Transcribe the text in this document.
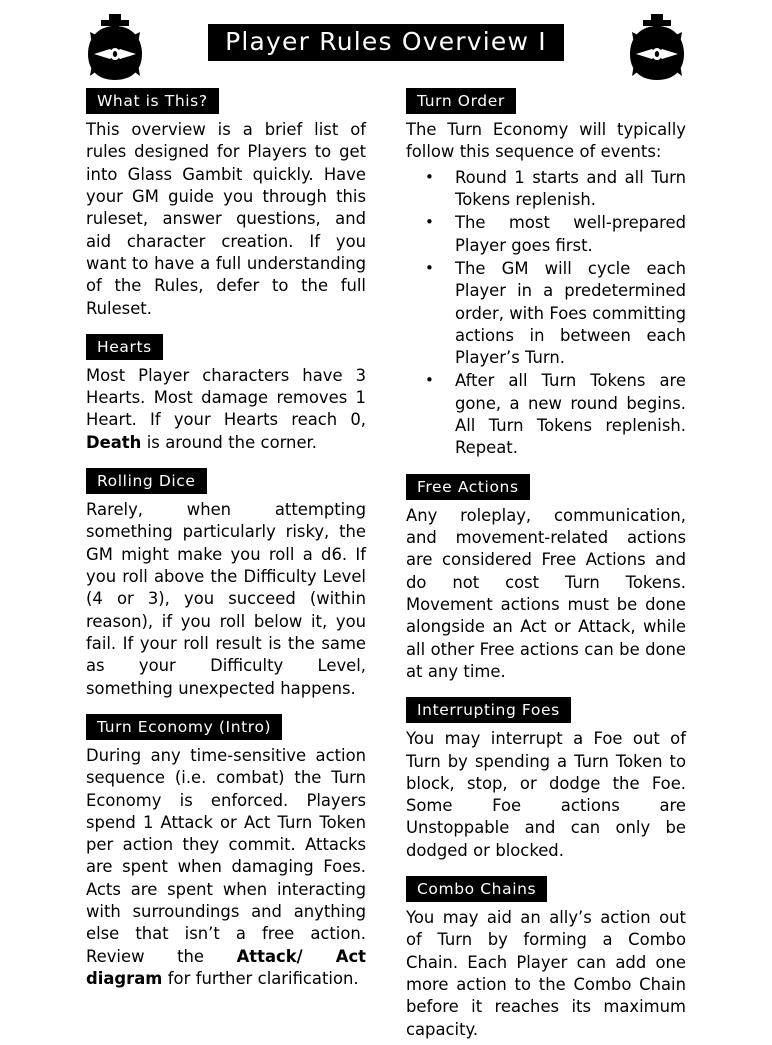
Player Rules Overview I
What is This?

This overview is a brief list of rules designed for Players to get into Glass Gambit quickly. Have your GM guide you through this ruleset, answer questions, and aid character creation. If you want to have a full understanding of the Rules, defer to the full Ruleset.

Hearts

Most Player characters have 3 Hearts. Most damage removes 1 Heart. If your Hearts reach 0, Death is around the corner.

Rolling Dice

Rarely, when attempting something particularly risky, the GM might make you roll a d6. If you roll above the Difficulty Level (4 or 3), you succeed (within reason), if you roll below it, you fail. If your roll result is the same as your Difficulty Level, something unexpected happens.

Turn Economy (Intro)

During any time-sensitive action sequence (i.e. combat) the Turn Economy is enforced. Players spend 1 Attack or Act Turn Token per action they commit. Attacks are spent when damaging Foes. Acts are spent when interacting with surroundings and anything else that isn’t a free action. Review the Attack/ Act diagram for further clarification.

Turn Order

The Turn Economy will typically follow this sequence of events:

• Round 1 starts and all Turn Tokens replenish.
• The most well-prepared Player goes first.
• The GM will cycle each Player in a predetermined order, with Foes committing actions in between each Player’s Turn.
• After all Turn Tokens are gone, a new round begins. All Turn Tokens replenish. Repeat.
Free Actions

Any roleplay, communication, and movement-related actions are considered Free Actions and do not cost Turn Tokens. Movement actions must be done alongside an Act or Attack, while all other Free actions can be done at any time.

Interrupting Foes

You may interrupt a Foe out of Turn by spending a Turn Token to block, stop, or dodge the Foe. Some Foe actions are Unstoppable and can only be dodged or blocked.

Combo Chains

You may aid an ally’s action out of Turn by forming a Combo Chain. Each Player can add one more action to the Combo Chain before it reaches its maximum capacity.
